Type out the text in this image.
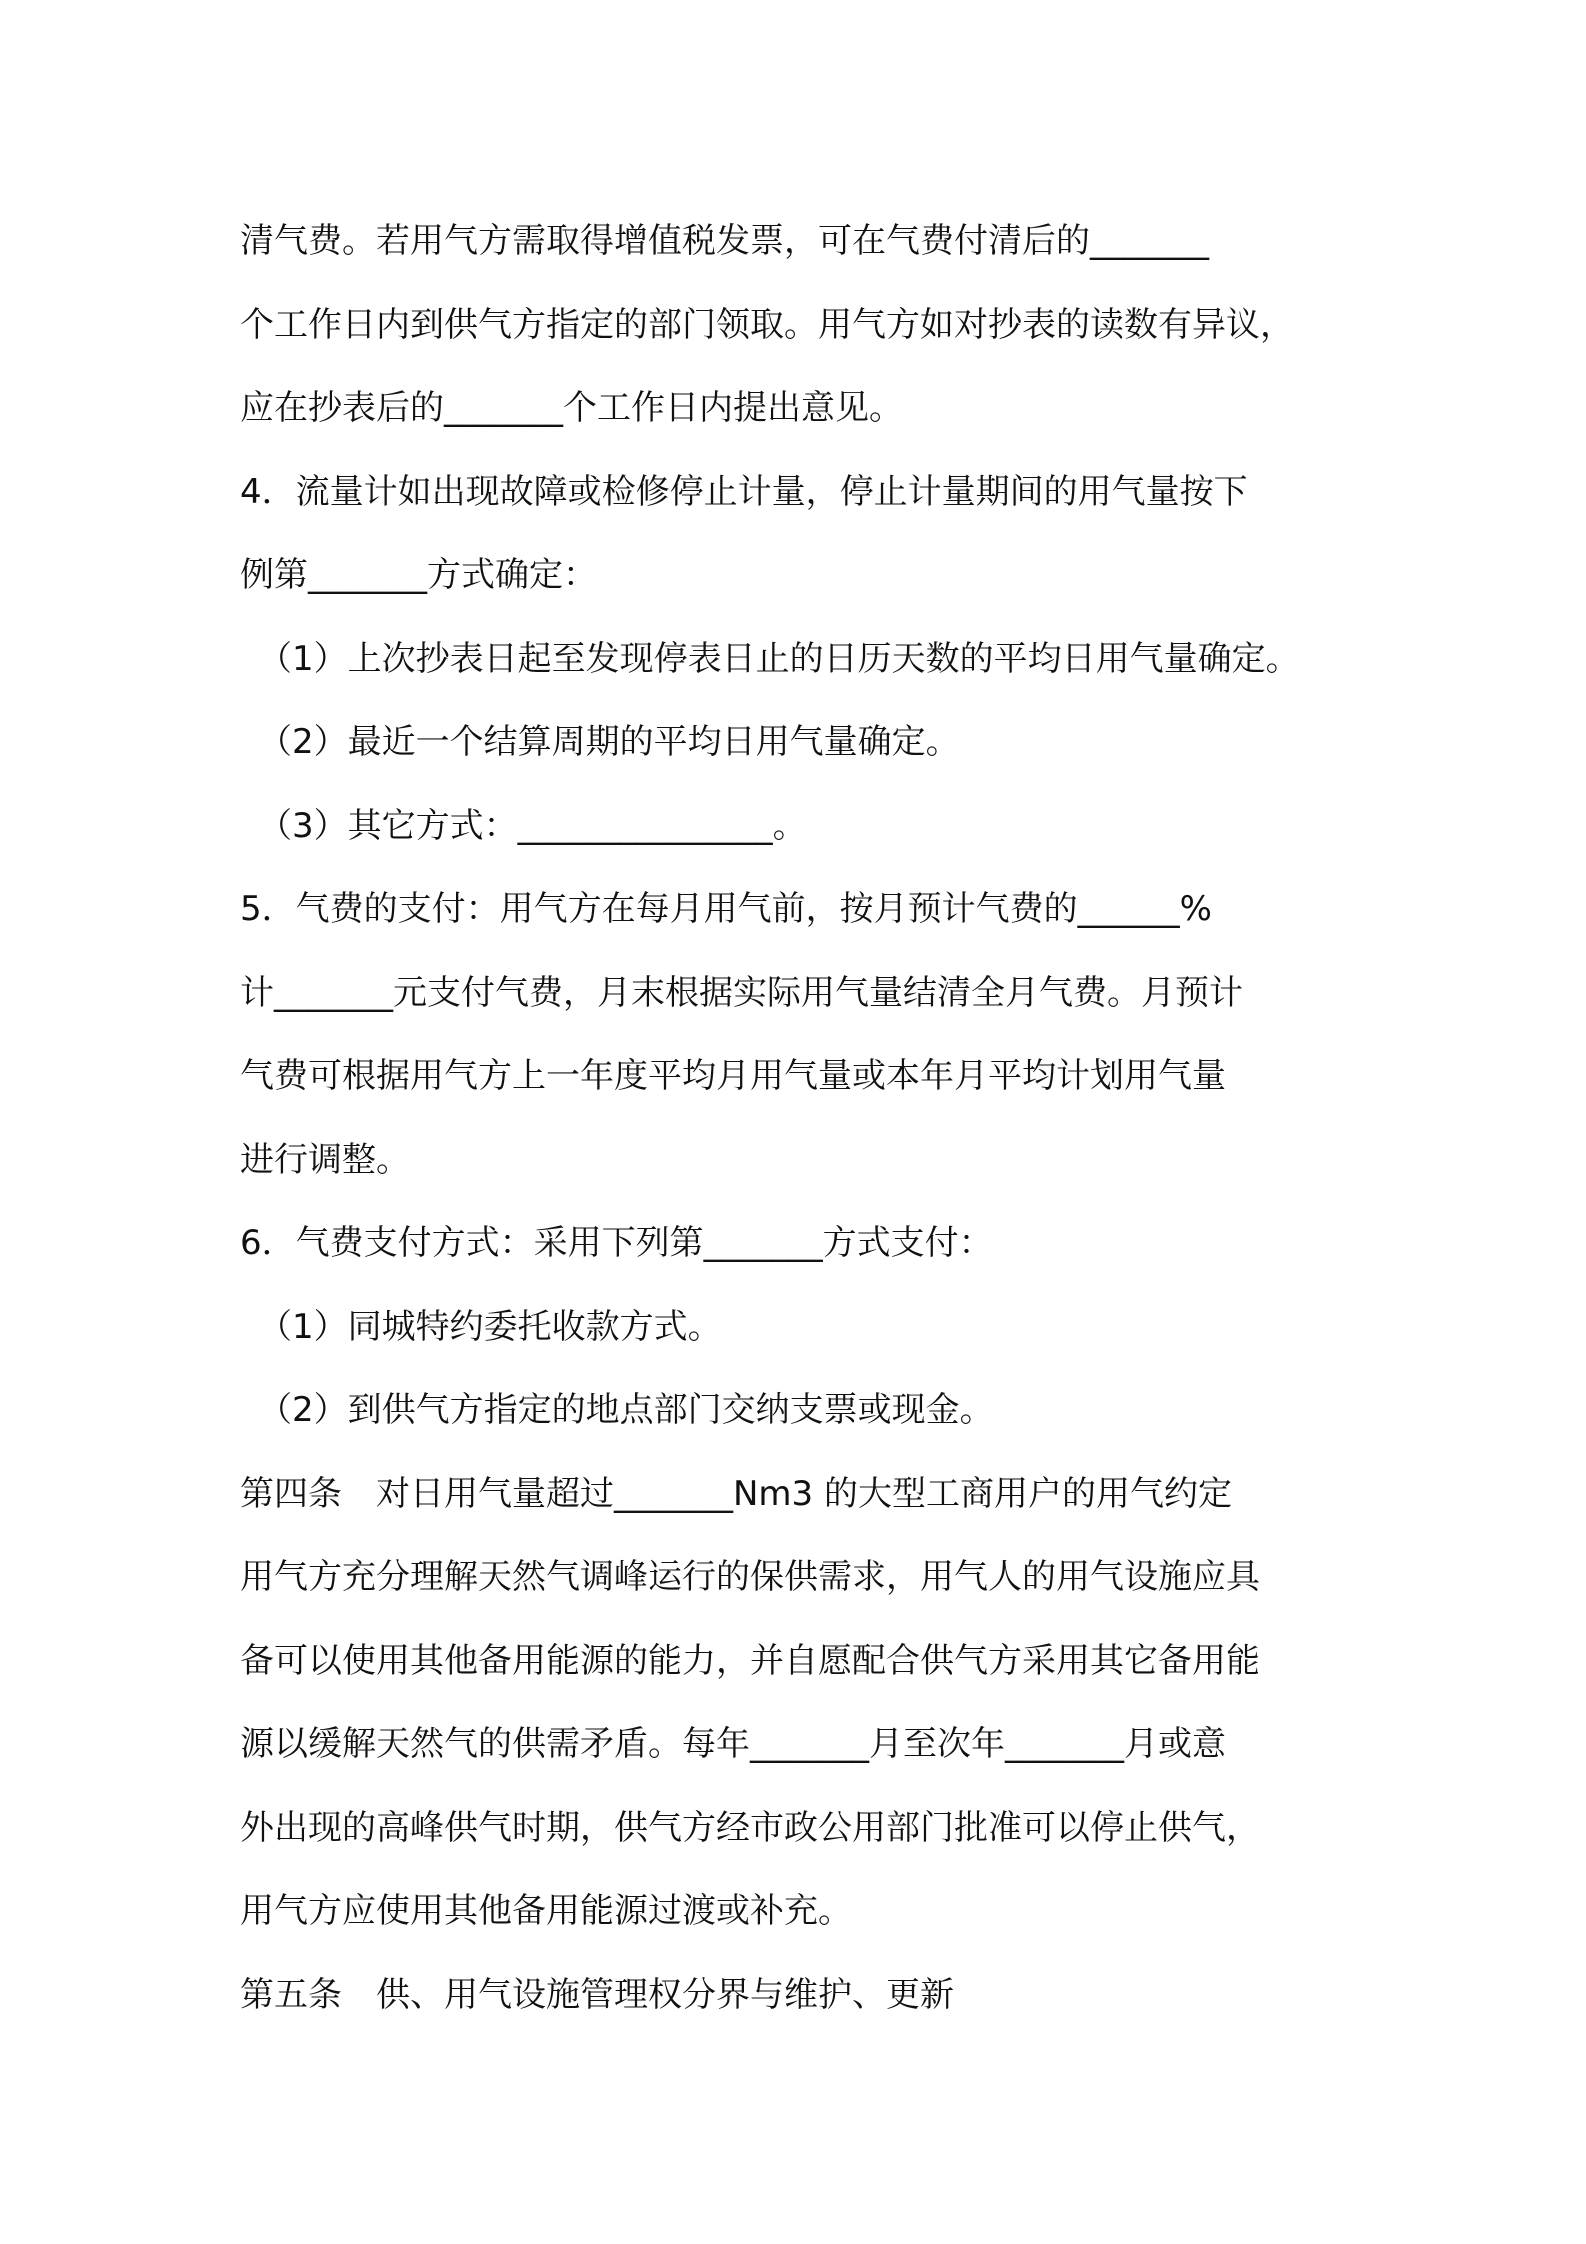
清气费。若用气方需取得增值税发票，可在气费付清后的_______
个工作日内到供气方指定的部门领取。用气方如对抄表的读数有异议，
应在抄表后的_______个工作日内提出意见。
4．流量计如出现故障或检修停止计量，停止计量期间的用气量按下
例第_______方式确定：
（1）上次抄表日起至发现停表日止的日历天数的平均日用气量确定。
（2）最近一个结算周期的平均日用气量确定。
（3）其它方式：_______________。
5．气费的支付：用气方在每月用气前，按月预计气费的______%
计_______元支付气费，月末根据实际用气量结清全月气费。月预计
气费可根据用气方上一年度平均月用气量或本年月平均计划用气量
进行调整。
6．气费支付方式：采用下列第_______方式支付：
（1）同城特约委托收款方式。
（2）到供气方指定的地点部门交纳支票或现金。
第四条　对日用气量超过_______Nm3 的大型工商用户的用气约定
用气方充分理解天然气调峰运行的保供需求，用气人的用气设施应具
备可以使用其他备用能源的能力，并自愿配合供气方采用其它备用能
源以缓解天然气的供需矛盾。每年_______月至次年_______月或意
外出现的高峰供气时期，供气方经市政公用部门批准可以停止供气，
用气方应使用其他备用能源过渡或补充。
第五条　供、用气设施管理权分界与维护、更新
